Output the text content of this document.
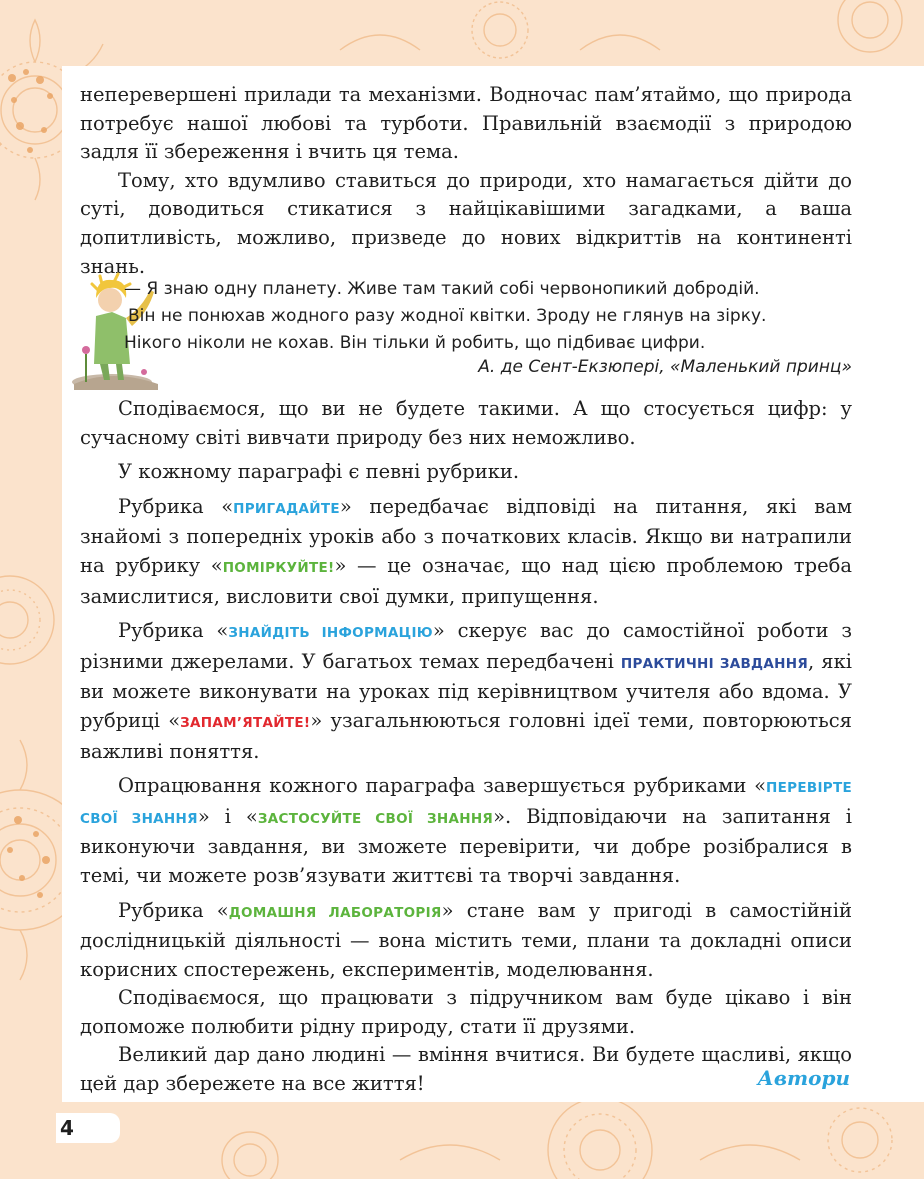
неперевершені прилади та механізми. Водночас пам’ятаймо, що природа потребує нашої любові та турботи. Правильній взаємодії з природою задля її збереження і вчить ця тема.

Тому, хто вдумливо ставиться до природи, хто намагається дійти до суті, доводиться стикатися з найцікавішими загадками, а ваша допитливість, можливо, призведе до нових відкриттів на континенті знань.

— Я знаю одну планету. Живе там такий собі червонопикий добродій.
Він не понюхав жодного разу жодної квітки. Зроду не глянув на зірку.
Нікого ніколи не кохав. Він тільки й робить, що підбиває цифри.
А. де Сент-Екзюпері, «Маленький принц»

Сподіваємося, що ви не будете такими. А що стосується цифр: у сучасному світі вивчати природу без них неможливо.

У кожному параграфі є певні рубрики.

Рубрика «ПРИГАДАЙТЕ» передбачає відповіді на питання, які вам знайомі з попередніх уроків або з початкових класів. Якщо ви натрапили на рубрику «ПОМІРКУЙТЕ!» — це означає, що над цією проблемою треба замислитися, висловити свої думки, припущення.

Рубрика «ЗНАЙДІТЬ ІНФОРМАЦІЮ» скерує вас до самостійної роботи з різними джерелами. У багатьох темах передбачені ПРАКТИЧНІ ЗАВДАННЯ, які ви можете виконувати на уроках під керівництвом учителя або вдома. У рубриці «ЗАПАМ’ЯТАЙТЕ!» узагальнюються головні ідеї теми, повторюються важливі поняття.

Опрацювання кожного параграфа завершується рубриками «ПЕРЕВІРТЕ СВОЇ ЗНАННЯ» і «ЗАСТОСУЙТЕ СВОЇ ЗНАННЯ». Відповідаючи на запитання і виконуючи завдання, ви зможете перевірити, чи добре розібралися в темі, чи можете розв’язувати життєві та творчі завдання.

Рубрика «ДОМАШНЯ ЛАБОРАТОРІЯ» стане вам у пригоді в самостійній дослідницькій діяльності — вона містить теми, плани та докладні описи корисних спостережень, експериментів, моделювання.

Сподіваємося, що працювати з підручником вам буде цікаво і він допоможе полюбити рідну природу, стати її друзями.

Великий дар дано людині — вміння вчитися. Ви будете щасливі, якщо цей дар збережете на все життя!	Автори
4
